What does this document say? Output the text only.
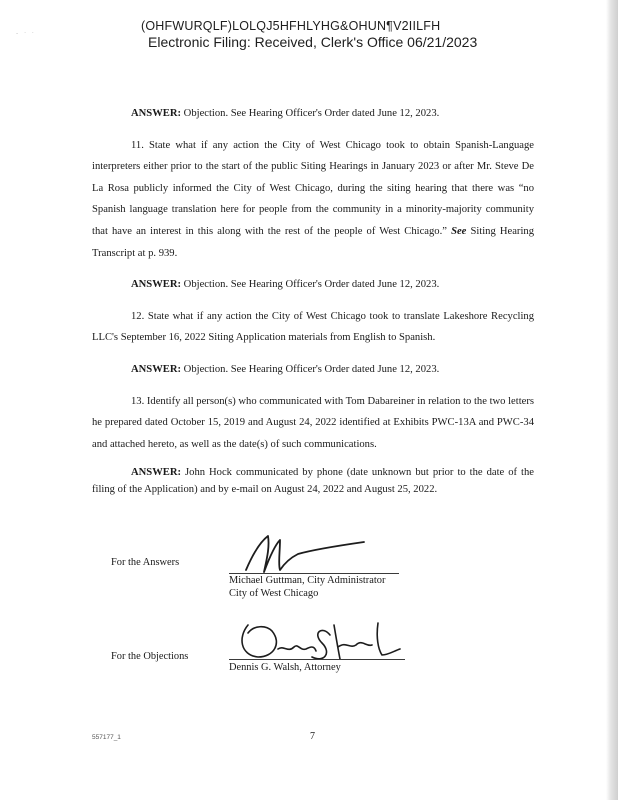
- · ·
(OHFWURQLF)LOLQJ5HFHLYHG&OHUN¶V2IILFH
Electronic Filing: Received, Clerk's Office 06/21/2023

ANSWER: Objection. See Hearing Officer's Order dated June 12, 2023.

11. State what if any action the City of West Chicago took to obtain Spanish-Language interpreters either prior to the start of the public Siting Hearings in January 2023 or after Mr. Steve De La Rosa publicly informed the City of West Chicago, during the siting hearing that there was “no Spanish language translation here for people from the community in a minority-majority community that have an interest in this along with the rest of the people of West Chicago.” See Siting Hearing Transcript at p. 939.

ANSWER: Objection. See Hearing Officer's Order dated June 12, 2023.

12. State what if any action the City of West Chicago took to translate Lakeshore Recycling LLC's September 16, 2022 Siting Application materials from English to Spanish.

ANSWER: Objection. See Hearing Officer's Order dated June 12, 2023.

13. Identify all person(s) who communicated with Tom Dabareiner in relation to the two letters he prepared dated October 15, 2019 and August 24, 2022 identified at Exhibits PWC-13A and PWC-34 and attached hereto, as well as the date(s) of such communications.

ANSWER: John Hock communicated by phone (date unknown but prior to the date of the filing of the Application) and by e-mail on August 24, 2022 and August 25, 2022.

For the Answers
Michael Guttman, City Administrator
City of West Chicago
For the Objections
Dennis G. Walsh, Attorney
557177_1	7
